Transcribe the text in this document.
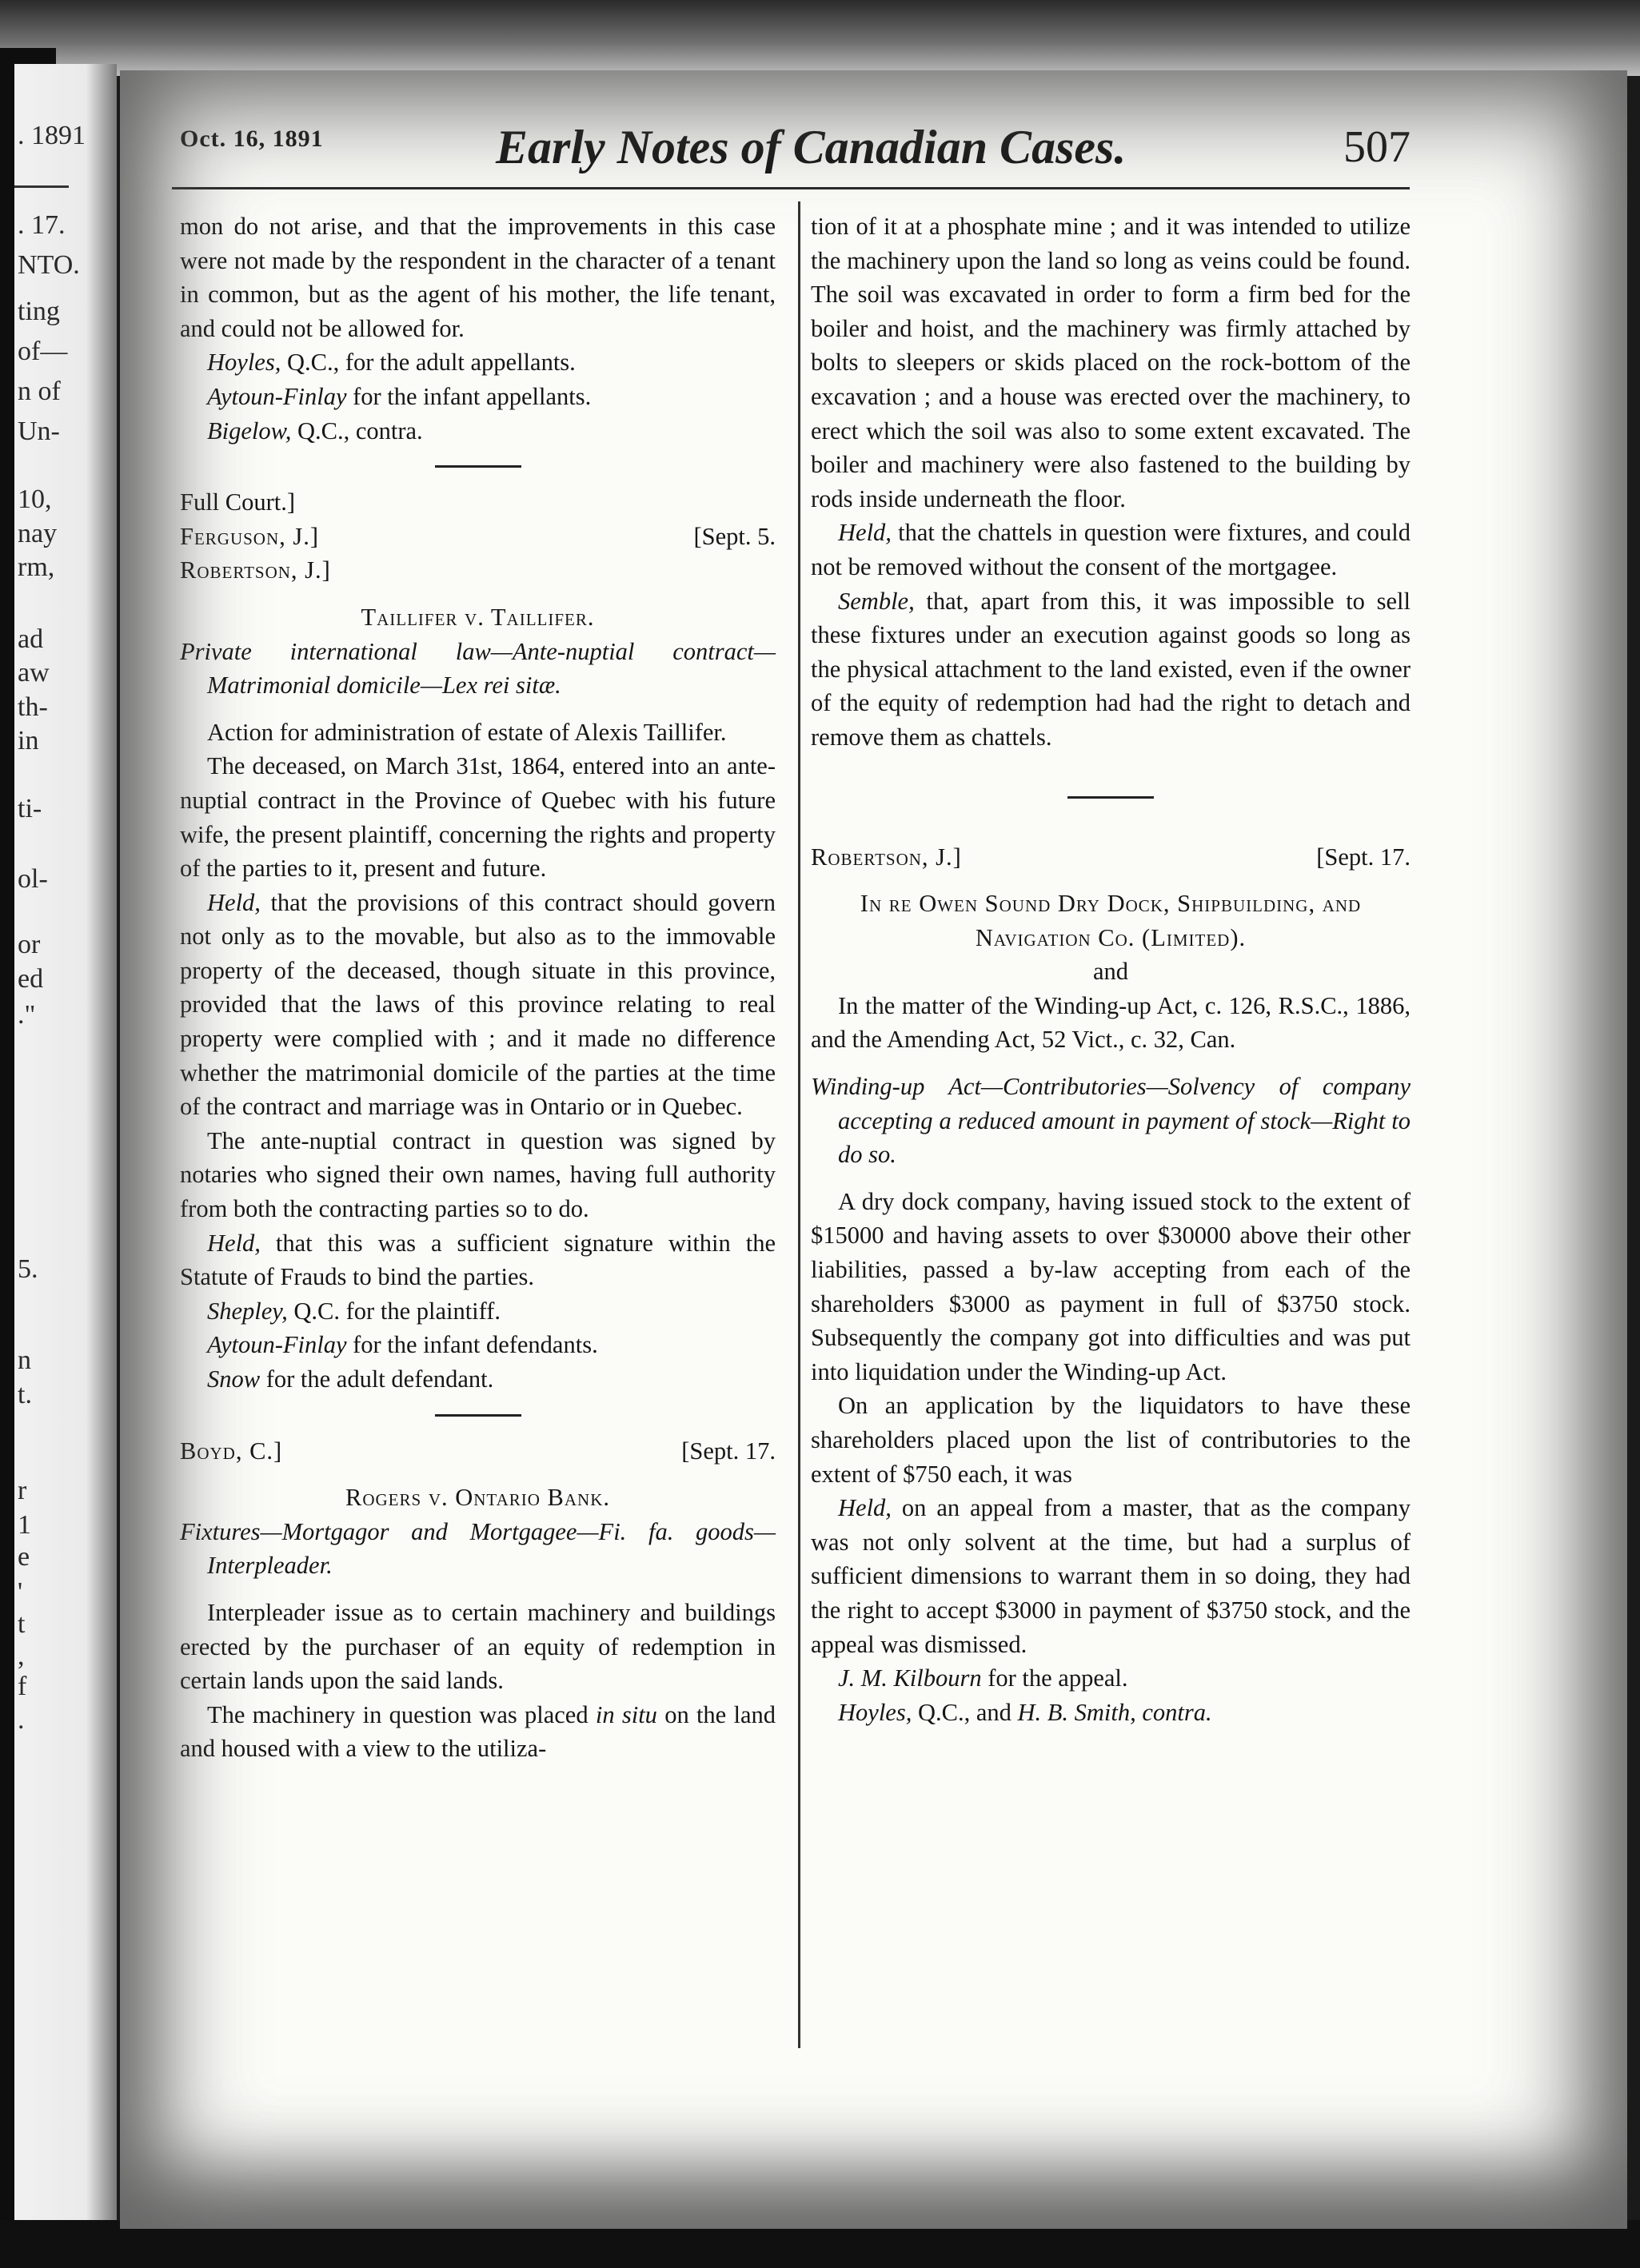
. 1891
. 17.
NTO.
ting
of—
n of
Un-
10,
nay
rm,
ad
aw
th-
in
ti-
ol-
or
ed
."
5.
n
t.
r
1
e
'
t
,
f
.
Oct. 16, 1891	Early Notes of Canadian Cases.	507

mon do not arise, and that the improvements in this case were not made by the respondent in the character of a tenant in common, but as the agent of his mother, the life tenant, and could not be allowed for.

Hoyles, Q.C., for the adult appellants.

Aytoun-Finlay for the infant appellants.

Bigelow, Q.C., contra.

Full Court.]

Ferguson, J.]	[Sept. 5.

Robertson, J.]

Taillifer v. Taillifer.

Private international law—Ante-nuptial contract—Matrimonial domicile—Lex rei sitæ.

Action for administration of estate of Alexis Taillifer.

The deceased, on March 31st, 1864, entered into an ante-nuptial contract in the Province of Quebec with his future wife, the present plaintiff, concerning the rights and property of the parties to it, present and future.

Held, that the provisions of this contract should govern not only as to the movable, but also as to the immovable property of the deceased, though situate in this province, provided that the laws of this province relating to real property were complied with ; and it made no difference whether the matrimonial domicile of the parties at the time of the contract and marriage was in Ontario or in Quebec.

The ante-nuptial contract in question was signed by notaries who signed their own names, having full authority from both the contracting parties so to do.

Held, that this was a sufficient signature within the Statute of Frauds to bind the parties.

Shepley, Q.C. for the plaintiff.

Aytoun-Finlay for the infant defendants.

Snow for the adult defendant.

Boyd, C.]	[Sept. 17.

Rogers v. Ontario Bank.

Fixtures—Mortgagor and Mortgagee—Fi. fa. goods—Interpleader.

Interpleader issue as to certain machinery and buildings erected by the purchaser of an equity of redemption in certain lands upon the said lands.

The machinery in question was placed in situ on the land and housed with a view to the utiliza-

tion of it at a phosphate mine ; and it was intended to utilize the machinery upon the land so long as veins could be found. The soil was excavated in order to form a firm bed for the boiler and hoist, and the machinery was firmly attached by bolts to sleepers or skids placed on the rock-bottom of the excavation ; and a house was erected over the machinery, to erect which the soil was also to some extent excavated. The boiler and machinery were also fastened to the building by rods inside underneath the floor.

Held, that the chattels in question were fixtures, and could not be removed without the consent of the mortgagee.

Semble, that, apart from this, it was impossible to sell these fixtures under an execution against goods so long as the physical attachment to the land existed, even if the owner of the equity of redemption had had the right to detach and remove them as chattels.

Robertson, J.]	[Sept. 17.

In re Owen Sound Dry Dock, Shipbuilding, and Navigation Co. (Limited).

and

In the matter of the Winding-up Act, c. 126, R.S.C., 1886, and the Amending Act, 52 Vict., c. 32, Can.

Winding-up Act—Contributories—Solvency of company accepting a reduced amount in payment of stock—Right to do so.

A dry dock company, having issued stock to the extent of $15000 and having assets to over $30000 above their other liabilities, passed a by-law accepting from each of the shareholders $3000 as payment in full of $3750 stock. Subsequently the company got into difficulties and was put into liquidation under the Winding-up Act.

On an application by the liquidators to have these shareholders placed upon the list of contributories to the extent of $750 each, it was

Held, on an appeal from a master, that as the company was not only solvent at the time, but had a surplus of sufficient dimensions to warrant them in so doing, they had the right to accept $3000 in payment of $3750 stock, and the appeal was dismissed.

J. M. Kilbourn for the appeal.

Hoyles, Q.C., and H. B. Smith, contra.
